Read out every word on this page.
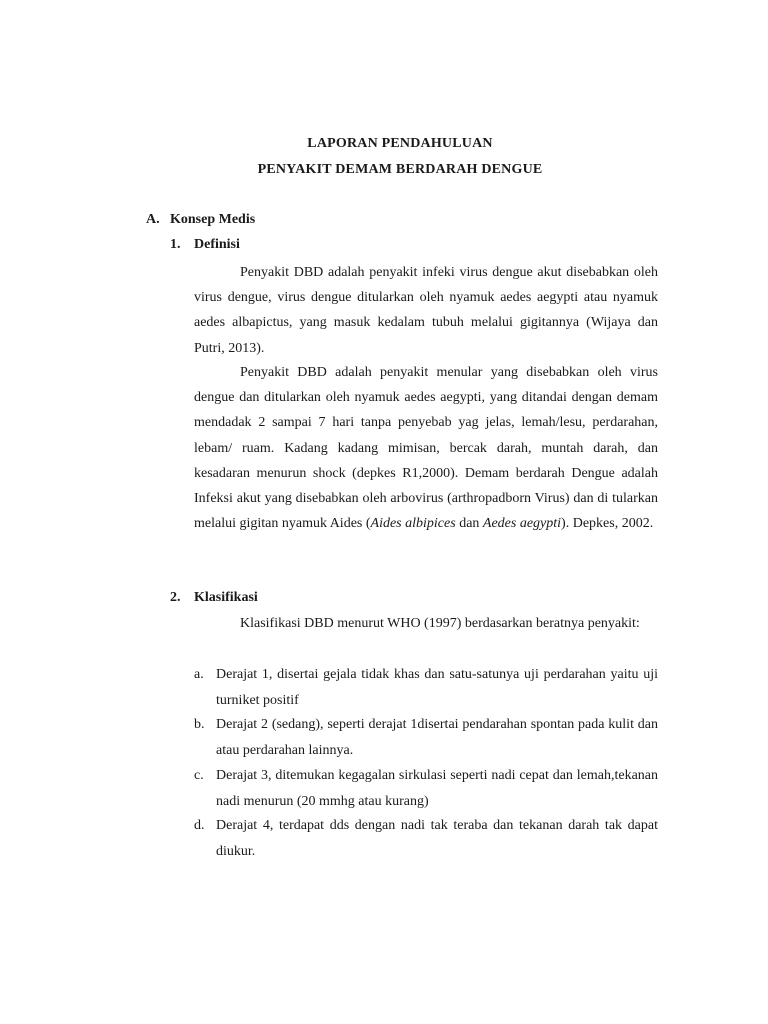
LAPORAN PENDAHULUAN
PENYAKIT DEMAM BERDARAH DENGUE
A. Konsep Medis
1. Definisi

Penyakit DBD adalah penyakit infeki virus dengue akut disebabkan oleh virus dengue, virus dengue ditularkan oleh nyamuk aedes aegypti atau nyamuk aedes albapictus, yang masuk kedalam tubuh melalui gigitannya (Wijaya dan Putri, 2013).

Penyakit DBD adalah penyakit menular yang disebabkan oleh virus dengue dan ditularkan oleh nyamuk aedes aegypti, yang ditandai dengan demam mendadak 2 sampai 7 hari tanpa penyebab yag jelas, lemah/lesu, perdarahan, lebam/ ruam. Kadang kadang mimisan, bercak darah, muntah darah, dan kesadaran menurun shock (depkes R1,2000). Demam berdarah Dengue adalah Infeksi akut yang disebabkan oleh arbovirus (arthropadborn Virus) dan di tularkan melalui gigitan nyamuk Aides (Aides albipices dan Aedes aegypti). Depkes, 2002.

2. Klasifikasi

Klasifikasi DBD menurut WHO (1997) berdasarkan beratnya penyakit:

a. Derajat 1, disertai gejala tidak khas dan satu-satunya uji perdarahan yaitu uji turniket positif
b. Derajat 2 (sedang), seperti derajat 1disertai pendarahan spontan pada kulit dan atau perdarahan lainnya.
c. Derajat 3, ditemukan kegagalan sirkulasi seperti nadi cepat dan lemah,tekanan nadi menurun (20 mmhg atau kurang)
d. Derajat 4, terdapat dds dengan nadi tak teraba dan tekanan darah tak dapat diukur.
